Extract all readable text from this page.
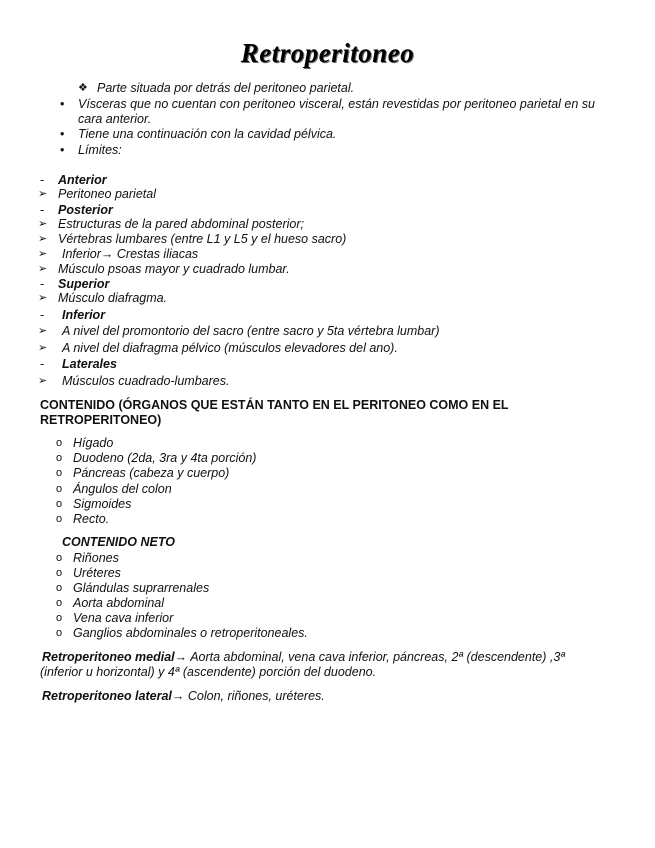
Retroperitoneo
❖ Parte situada por detrás del peritoneo parietal.
• Vísceras que no cuentan con peritoneo visceral, están revestidas por peritoneo parietal en su
cara anterior.
• Tiene una continuación con la cavidad pélvica.
• Límites:
- Anterior
➢ Peritoneo parietal
- Posterior
➢ Estructuras de la pared abdominal posterior;
➢ Vértebras lumbares (entre L1 y L5 y el hueso sacro)
➢ Inferior→ Crestas iliacas
➢ Músculo psoas mayor y cuadrado lumbar.
- Superior
➢ Músculo diafragma.
- Inferior
➢ A nivel del promontorio del sacro (entre sacro y 5ta vértebra lumbar)
➢ A nivel del diafragma pélvico (músculos elevadores del ano).
- Laterales
➢ Músculos cuadrado-lumbares.
CONTENIDO (ÓRGANOS QUE ESTÁN TANTO EN EL PERITONEO COMO EN EL
RETROPERITONEO)
o Hígado
o Duodeno (2da, 3ra y 4ta porción)
o Páncreas (cabeza y cuerpo)
o Ángulos del colon
o Sigmoides
o Recto.
CONTENIDO NETO
o Riñones
o Uréteres
o Glándulas suprarrenales
o Aorta abdominal
o Vena cava inferior
o Ganglios abdominales o retroperitoneales.
Retroperitoneo medial→ Aorta abdominal, vena cava inferior, páncreas, 2ª (descendente) ,3ª
(inferior u horizontal) y 4ª (ascendente) porción del duodeno.
Retroperitoneo lateral→ Colon, riñones, uréteres.
